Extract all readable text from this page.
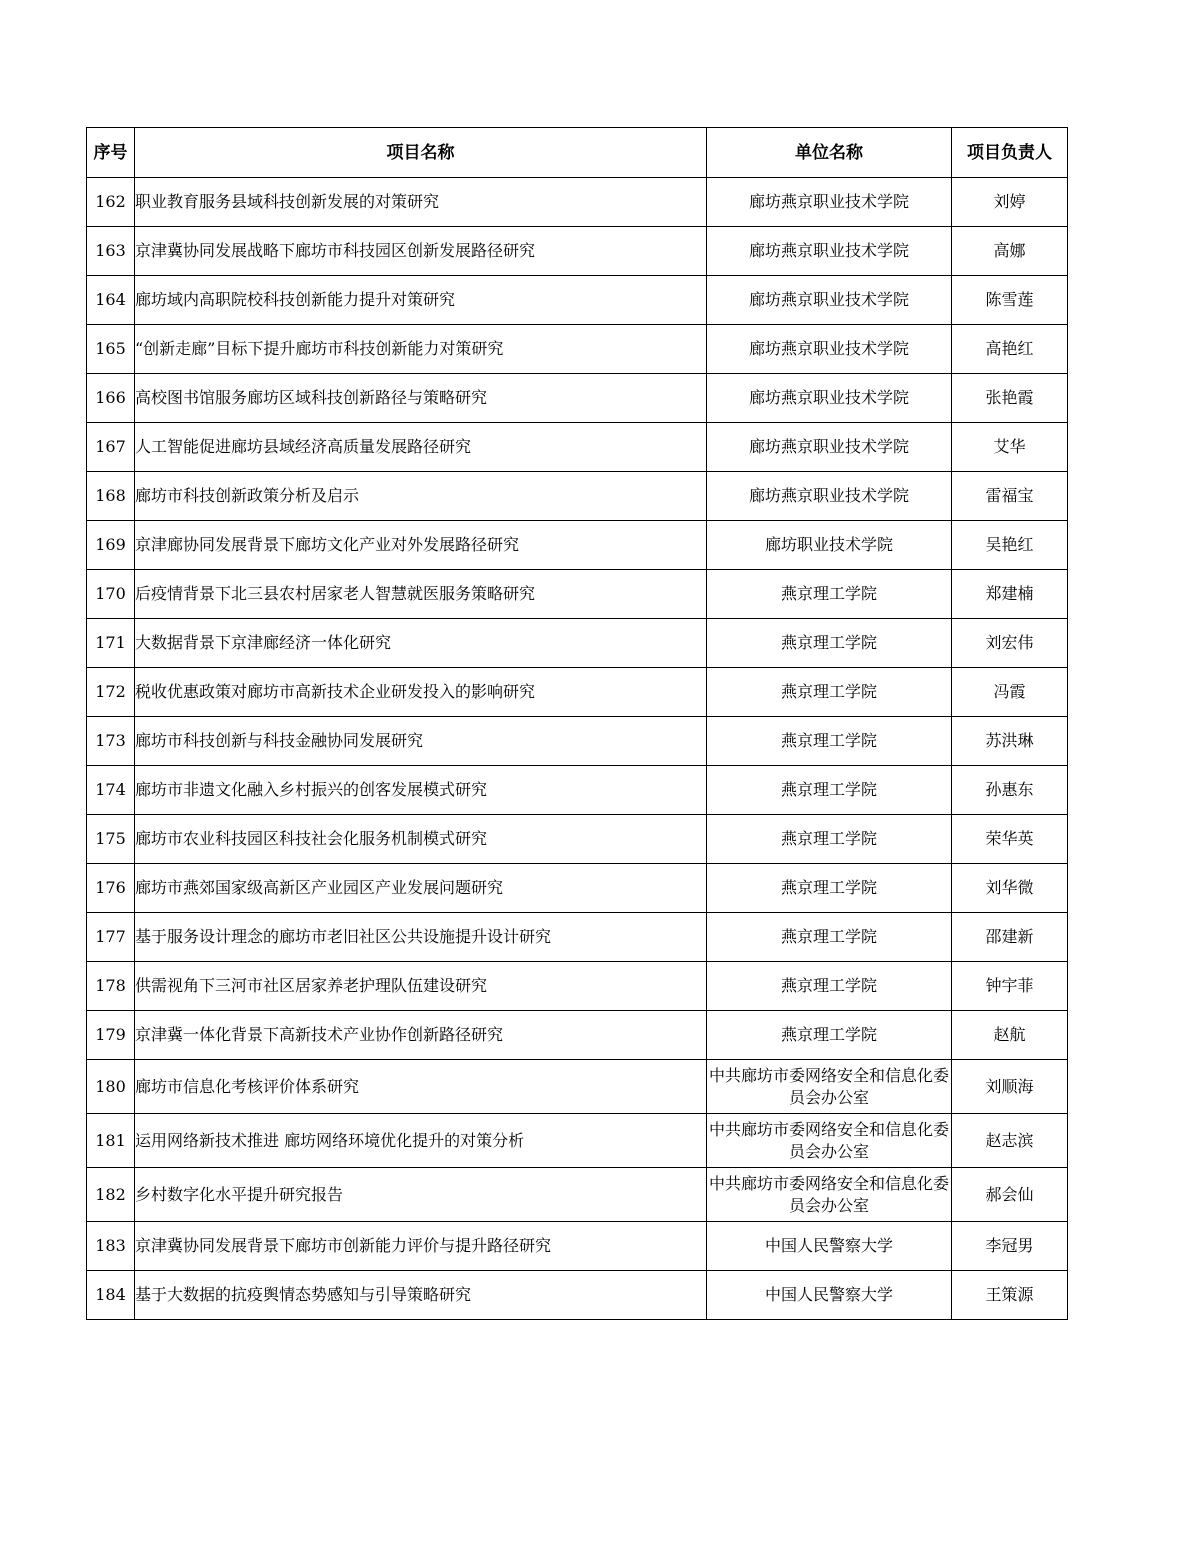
序号	项目名称	单位名称	项目负责人
162	职业教育服务县域科技创新发展的对策研究	廊坊燕京职业技术学院	刘婷
163	京津冀协同发展战略下廊坊市科技园区创新发展路径研究	廊坊燕京职业技术学院	高娜
164	廊坊域内高职院校科技创新能力提升对策研究	廊坊燕京职业技术学院	陈雪莲
165	“创新走廊”目标下提升廊坊市科技创新能力对策研究	廊坊燕京职业技术学院	高艳红
166	高校图书馆服务廊坊区域科技创新路径与策略研究	廊坊燕京职业技术学院	张艳霞
167	人工智能促进廊坊县域经济高质量发展路径研究	廊坊燕京职业技术学院	艾华
168	廊坊市科技创新政策分析及启示	廊坊燕京职业技术学院	雷福宝
169	京津廊协同发展背景下廊坊文化产业对外发展路径研究	廊坊职业技术学院	吴艳红
170	后疫情背景下北三县农村居家老人智慧就医服务策略研究	燕京理工学院	郑建楠
171	大数据背景下京津廊经济一体化研究	燕京理工学院	刘宏伟
172	税收优惠政策对廊坊市高新技术企业研发投入的影响研究	燕京理工学院	冯霞
173	廊坊市科技创新与科技金融协同发展研究	燕京理工学院	苏洪琳
174	廊坊市非遗文化融入乡村振兴的创客发展模式研究	燕京理工学院	孙惠东
175	廊坊市农业科技园区科技社会化服务机制模式研究	燕京理工学院	荣华英
176	廊坊市燕郊国家级高新区产业园区产业发展问题研究	燕京理工学院	刘华微
177	基于服务设计理念的廊坊市老旧社区公共设施提升设计研究	燕京理工学院	邵建新
178	供需视角下三河市社区居家养老护理队伍建设研究	燕京理工学院	钟宇菲
179	京津冀一体化背景下高新技术产业协作创新路径研究	燕京理工学院	赵航
180	廊坊市信息化考核评价体系研究	中共廊坊市委网络安全和信息化委员会办公室	刘顺海
181	运用网络新技术推进 廊坊网络环境优化提升的对策分析	中共廊坊市委网络安全和信息化委员会办公室	赵志滨
182	乡村数字化水平提升研究报告	中共廊坊市委网络安全和信息化委员会办公室	郝会仙
183	京津冀协同发展背景下廊坊市创新能力评价与提升路径研究	中国人民警察大学	李冠男
184	基于大数据的抗疫舆情态势感知与引导策略研究	中国人民警察大学	王策源
